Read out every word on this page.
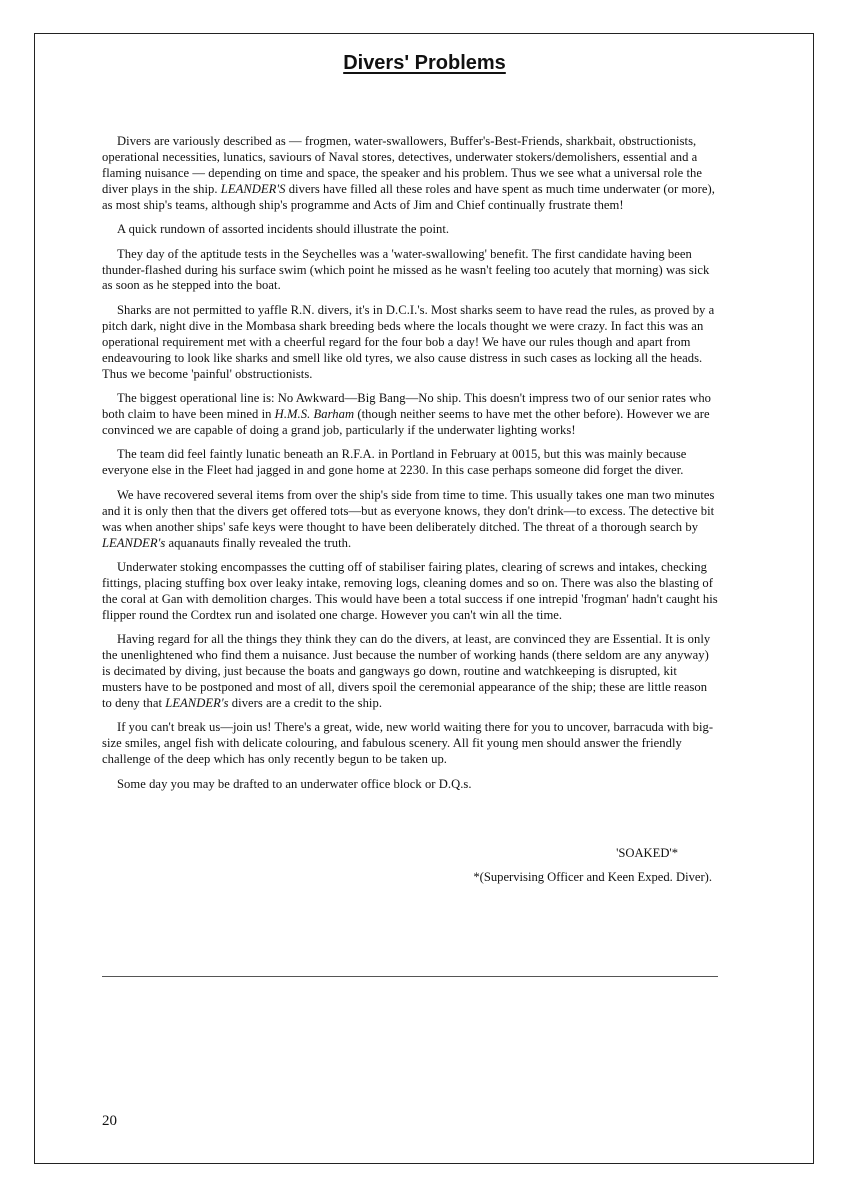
Divers' Problems

Divers are variously described as — frogmen, water-swallowers, Buffer's-Best-Friends, sharkbait, obstructionists, operational necessities, lunatics, saviours of Naval stores, detectives, underwater stokers/demolishers, essential and a flaming nuisance — depending on time and space, the speaker and his problem. Thus we see what a universal role the diver plays in the ship. LEANDER'S divers have filled all these roles and have spent as much time underwater (or more), as most ship's teams, although ship's programme and Acts of Jim and Chief continually frustrate them!

A quick rundown of assorted incidents should illustrate the point.

They day of the aptitude tests in the Seychelles was a 'water-swallowing' benefit. The first candidate having been thunder-flashed during his surface swim (which point he missed as he wasn't feeling too acutely that morning) was sick as soon as he stepped into the boat.

Sharks are not permitted to yaffle R.N. divers, it's in D.C.I.'s. Most sharks seem to have read the rules, as proved by a pitch dark, night dive in the Mombasa shark breeding beds where the locals thought we were crazy. In fact this was an operational requirement met with a cheerful regard for the four bob a day! We have our rules though and apart from endeavouring to look like sharks and smell like old tyres, we also cause distress in such cases as locking all the heads. Thus we become 'painful' obstructionists.

The biggest operational line is: No Awkward—Big Bang—No ship. This doesn't impress two of our senior rates who both claim to have been mined in H.M.S. Barham (though neither seems to have met the other before). However we are convinced we are capable of doing a grand job, particularly if the underwater lighting works!

The team did feel faintly lunatic beneath an R.F.A. in Portland in February at 0015, but this was mainly because everyone else in the Fleet had jagged in and gone home at 2230. In this case perhaps someone did forget the diver.

We have recovered several items from over the ship's side from time to time. This usually takes one man two minutes and it is only then that the divers get offered tots—but as everyone knows, they don't drink—to excess. The detective bit was when another ships' safe keys were thought to have been deliberately ditched. The threat of a thorough search by LEANDER's aquanauts finally revealed the truth.

Underwater stoking encompasses the cutting off of stabiliser fairing plates, clearing of screws and intakes, checking fittings, placing stuffing box over leaky intake, removing logs, cleaning domes and so on. There was also the blasting of the coral at Gan with demolition charges. This would have been a total success if one intrepid 'frogman' hadn't caught his flipper round the Cordtex run and isolated one charge. However you can't win all the time.

Having regard for all the things they think they can do the divers, at least, are convinced they are Essential. It is only the unenlightened who find them a nuisance. Just because the number of working hands (there seldom are any anyway) is decimated by diving, just because the boats and gangways go down, routine and watchkeeping is disrupted, kit musters have to be postponed and most of all, divers spoil the ceremonial appearance of the ship; these are little reason to deny that LEANDER's divers are a credit to the ship.

If you can't break us—join us! There's a great, wide, new world waiting there for you to uncover, barracuda with big-size smiles, angel fish with delicate colouring, and fabulous scenery. All fit young men should answer the friendly challenge of the deep which has only recently begun to be taken up.

Some day you may be drafted to an underwater office block or D.Q.s.

'SOAKED'*
*(Supervising Officer and Keen Exped. Diver).
20
